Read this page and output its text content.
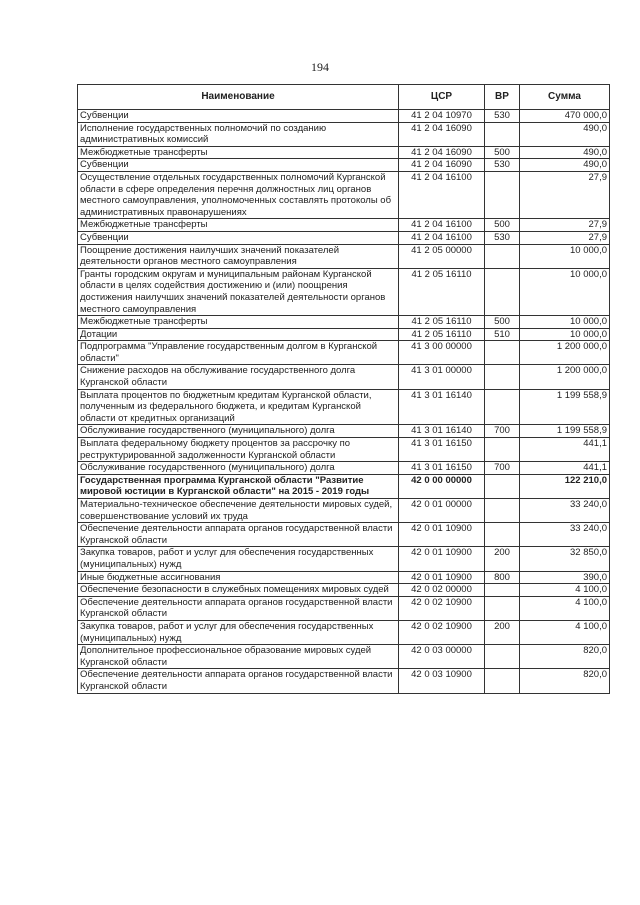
194
Наименование	ЦСР	ВР	Сумма
Субвенции	41 2 04 10970	530	470 000,0
Исполнение государственных полномочий по созданию административных комиссий	41 2 04 16090		490,0
Межбюджетные трансферты	41 2 04 16090	500	490,0
Субвенции	41 2 04 16090	530	490,0
Осуществление отдельных государственных полномочий Курганской области в сфере определения перечня должностных лиц органов местного самоуправления, уполномоченных составлять протоколы об административных правонарушениях	41 2 04 16100		27,9
Межбюджетные трансферты	41 2 04 16100	500	27,9
Субвенции	41 2 04 16100	530	27,9
Поощрение достижения наилучших значений показателей деятельности органов местного самоуправления	41 2 05 00000		10 000,0
Гранты городским округам и муниципальным районам Курганской области в целях содействия достижению и (или) поощрения достижения наилучших значений показателей деятельности органов местного самоуправления	41 2 05 16110		10 000,0
Межбюджетные трансферты	41 2 05 16110	500	10 000,0
Дотации	41 2 05 16110	510	10 000,0
Подпрограмма "Управление государственным долгом в Курганской области"	41 3 00 00000		1 200 000,0
Снижение расходов на обслуживание государственного долга Курганской области	41 3 01 00000		1 200 000,0
Выплата процентов по бюджетным кредитам Курганской области, полученным из федерального бюджета, и кредитам Курганской области от кредитных организаций	41 3 01 16140		1 199 558,9
Обслуживание государственного (муниципального) долга	41 3 01 16140	700	1 199 558,9
Выплата федеральному бюджету процентов за рассрочку по реструктурированной задолженности Курганской области	41 3 01 16150		441,1
Обслуживание государственного (муниципального) долга	41 3 01 16150	700	441,1
Государственная программа Курганской области "Развитие мировой юстиции в Курганской области" на 2015 - 2019 годы	42 0 00 00000		122 210,0
Материально-техническое обеспечение деятельности мировых судей, совершенствование условий их труда	42 0 01 00000		33 240,0
Обеспечение деятельности аппарата органов государственной власти Курганской области	42 0 01 10900		33 240,0
Закупка товаров, работ и услуг для обеспечения государственных (муниципальных) нужд	42 0 01 10900	200	32 850,0
Иные бюджетные ассигнования	42 0 01 10900	800	390,0
Обеспечение безопасности в служебных помещениях мировых судей	42 0 02 00000		4 100,0
Обеспечение деятельности аппарата органов государственной власти Курганской области	42 0 02 10900		4 100,0
Закупка товаров, работ и услуг для обеспечения государственных (муниципальных) нужд	42 0 02 10900	200	4 100,0
Дополнительное профессиональное образование мировых судей Курганской области	42 0 03 00000		820,0
Обеспечение деятельности аппарата органов государственной власти Курганской области	42 0 03 10900		820,0
